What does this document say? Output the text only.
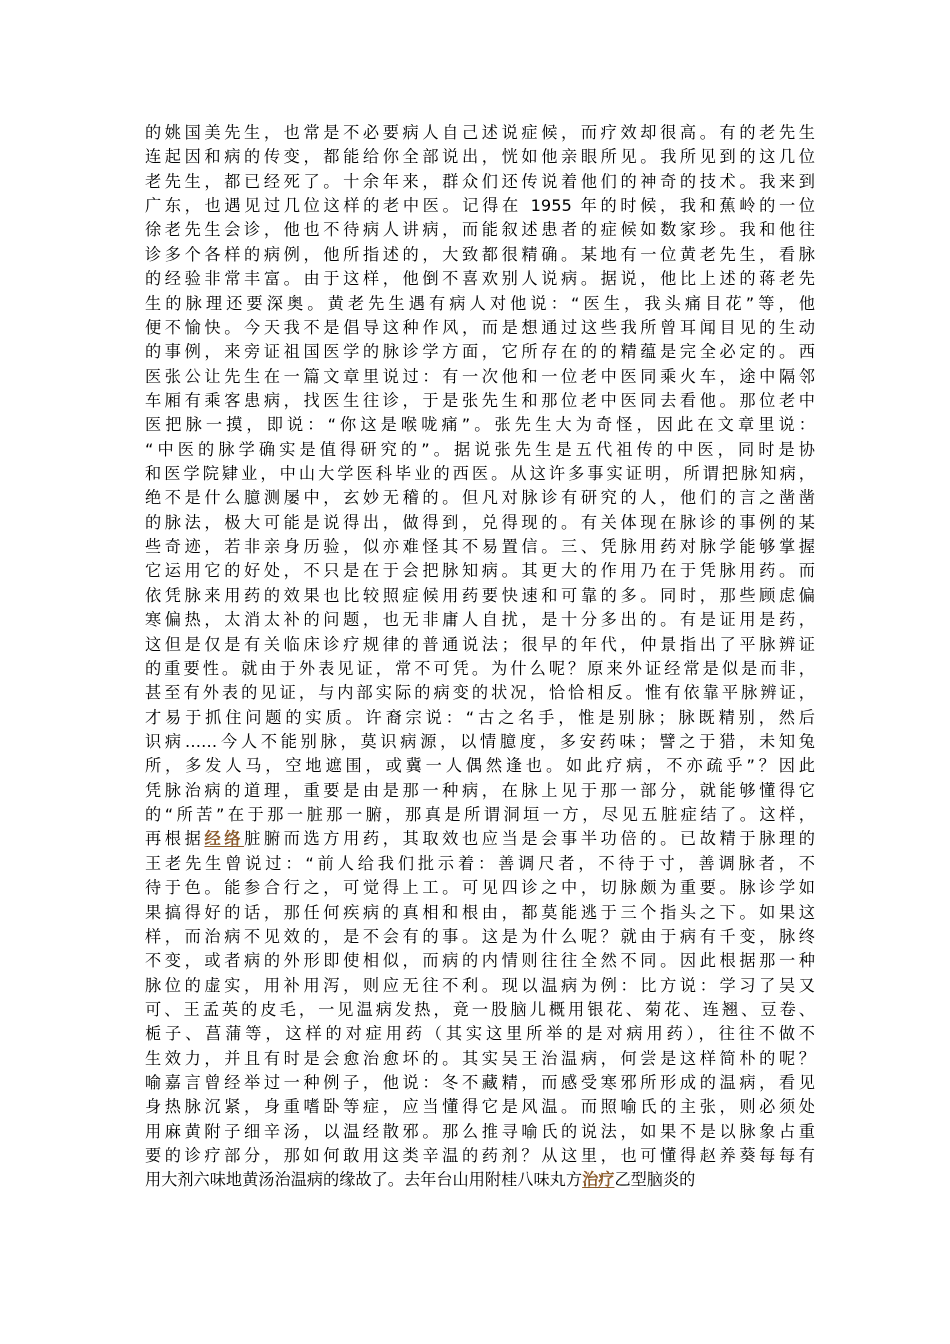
的姚国美先生，也常是不必要病人自己述说症候，而疗效却很高。有的老先生
连起因和病的传变，都能给你全部说出，恍如他亲眼所见。我所见到的这几位
老先生，都已经死了。十余年来，群众们还传说着他们的神奇的技术。我来到
广东，也遇见过几位这样的老中医。记得在 1955 年的时候，我和蕉岭的一位
徐老先生会诊，他也不待病人讲病，而能叙述患者的症候如数家珍。我和他往
诊多个各样的病例，他所指述的，大致都很精确。某地有一位黄老先生，看脉
的经验非常丰富。由于这样，他倒不喜欢别人说病。据说，他比上述的蒋老先
生的脉理还要深奥。黄老先生遇有病人对他说：“医生，我头痛目花”等，他
便不愉快。今天我不是倡导这种作风，而是想通过这些我所曾耳闻目见的生动
的事例，来旁证祖国医学的脉诊学方面，它所存在的的精蕴是完全必定的。西
医张公让先生在一篇文章里说过：有一次他和一位老中医同乘火车，途中隔邻
车厢有乘客患病，找医生往诊，于是张先生和那位老中医同去看他。那位老中
医把脉一摸，即说：“你这是喉咙痛”。张先生大为奇怪，因此在文章里说：
“中医的脉学确实是值得研究的”。据说张先生是五代祖传的中医，同时是协
和医学院肄业，中山大学医科毕业的西医。从这许多事实证明，所谓把脉知病，
绝不是什么臆测屡中，玄妙无稽的。但凡对脉诊有研究的人，他们的言之凿凿
的脉法，极大可能是说得出，做得到，兑得现的。有关体现在脉诊的事例的某
些奇迹，若非亲身历验，似亦难怪其不易置信。三、凭脉用药对脉学能够掌握
它运用它的好处，不只是在于会把脉知病。其更大的作用乃在于凭脉用药。而
依凭脉来用药的效果也比较照症候用药要快速和可靠的多。同时，那些顾虑偏
寒偏热，太消太补的问题，也无非庸人自扰，是十分多出的。有是证用是药，
这但是仅是有关临床诊疗规律的普通说法；很早的年代，仲景指出了平脉辨证
的重要性。就由于外表见证，常不可凭。为什么呢？原来外证经常是似是而非，
甚至有外表的见证，与内部实际的病变的状况，恰恰相反。惟有依靠平脉辨证，
才易于抓住问题的实质。许裔宗说：“古之名手，惟是别脉；脉既精别，然后
识病……今人不能别脉，莫识病源，以情臆度，多安药味；譬之于猎，未知兔
所，多发人马，空地遮围，或冀一人偶然逢也。如此疗病，不亦疏乎”？因此
凭脉治病的道理，重要是由是那一种病，在脉上见于那一部分，就能够懂得它
的“所苦”在于那一脏那一腑，那真是所谓洞垣一方，尽见五脏症结了。这样，
再根据经络脏腑而选方用药，其取效也应当是会事半功倍的。已故精于脉理的
王老先生曾说过：“前人给我们批示着：善调尺者，不待于寸，善调脉者，不
待于色。能参合行之，可觉得上工。可见四诊之中，切脉颇为重要。脉诊学如
果搞得好的话，那任何疾病的真相和根由，都莫能逃于三个指头之下。如果这
样，而治病不见效的，是不会有的事。这是为什么呢？就由于病有千变，脉终
不变，或者病的外形即使相似，而病的内情则往往全然不同。因此根据那一种
脉位的虚实，用补用泻，则应无往不利。现以温病为例：比方说：学习了吴又
可、王孟英的皮毛，一见温病发热，竟一股脑儿概用银花、菊花、连翘、豆卷、
栀子、菖蒲等，这样的对症用药（其实这里所举的是对病用药），往往不做不
生效力，并且有时是会愈治愈坏的。其实吴王治温病，何尝是这样简朴的呢？
喻嘉言曾经举过一种例子，他说：冬不藏精，而感受寒邪所形成的温病，看见
身热脉沉紧，身重嗜卧等症，应当懂得它是风温。而照喻氏的主张，则必须处
用麻黄附子细辛汤，以温经散邪。那么推寻喻氏的说法，如果不是以脉象占重
要的诊疗部分，那如何敢用这类辛温的药剂？从这里，也可懂得赵养葵每每有
用大剂六味地黄汤治温病的缘故了。去年台山用附桂八味丸方治疗乙型脑炎的
